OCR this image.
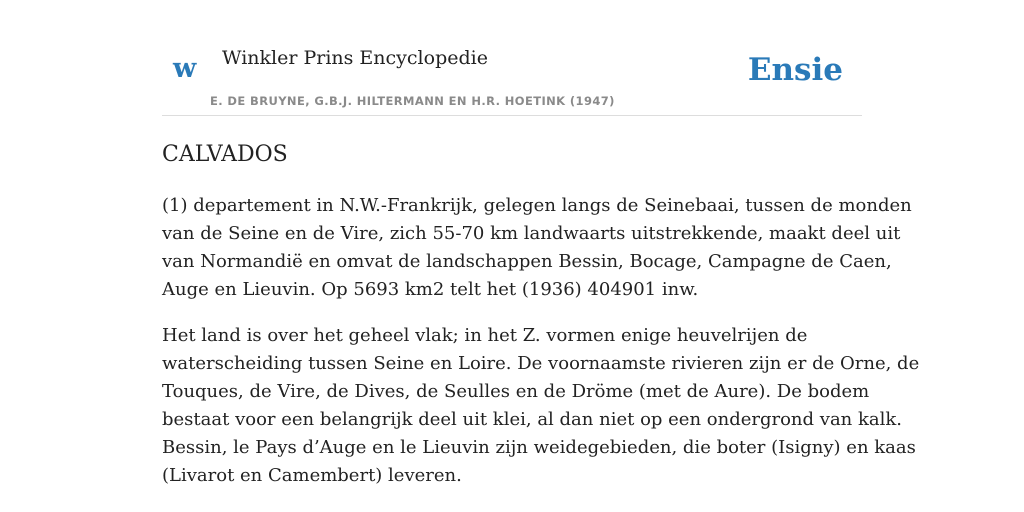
w Winkler Prins Encyclopedie
E. DE BRUYNE, G.B.J. HILTERMANN EN H.R. HOETINK (1947)
Ensie
CALVADOS

(1) departement in N.W.-Frankrijk, gelegen langs de Seinebaai, tussen de monden
van de Seine en de Vire, zich 55-70 km landwaarts uitstrekkende, maakt deel uit
van Normandië en omvat de landschappen Bessin, Bocage, Campagne de Caen,
Auge en Lieuvin. Op 5693 km2 telt het (1936) 404901 inw.

Het land is over het geheel vlak; in het Z. vormen enige heuvelrijen de
waterscheiding tussen Seine en Loire. De voornaamste rivieren zijn er de Orne, de
Touques, de Vire, de Dives, de Seulles en de Dröme (met de Aure). De bodem
bestaat voor een belangrijk deel uit klei, al dan niet op een ondergrond van kalk.
Bessin, le Pays d’Auge en le Lieuvin zijn weidegebieden, die boter (Isigny) en kaas
(Livarot en Camembert) leveren.
